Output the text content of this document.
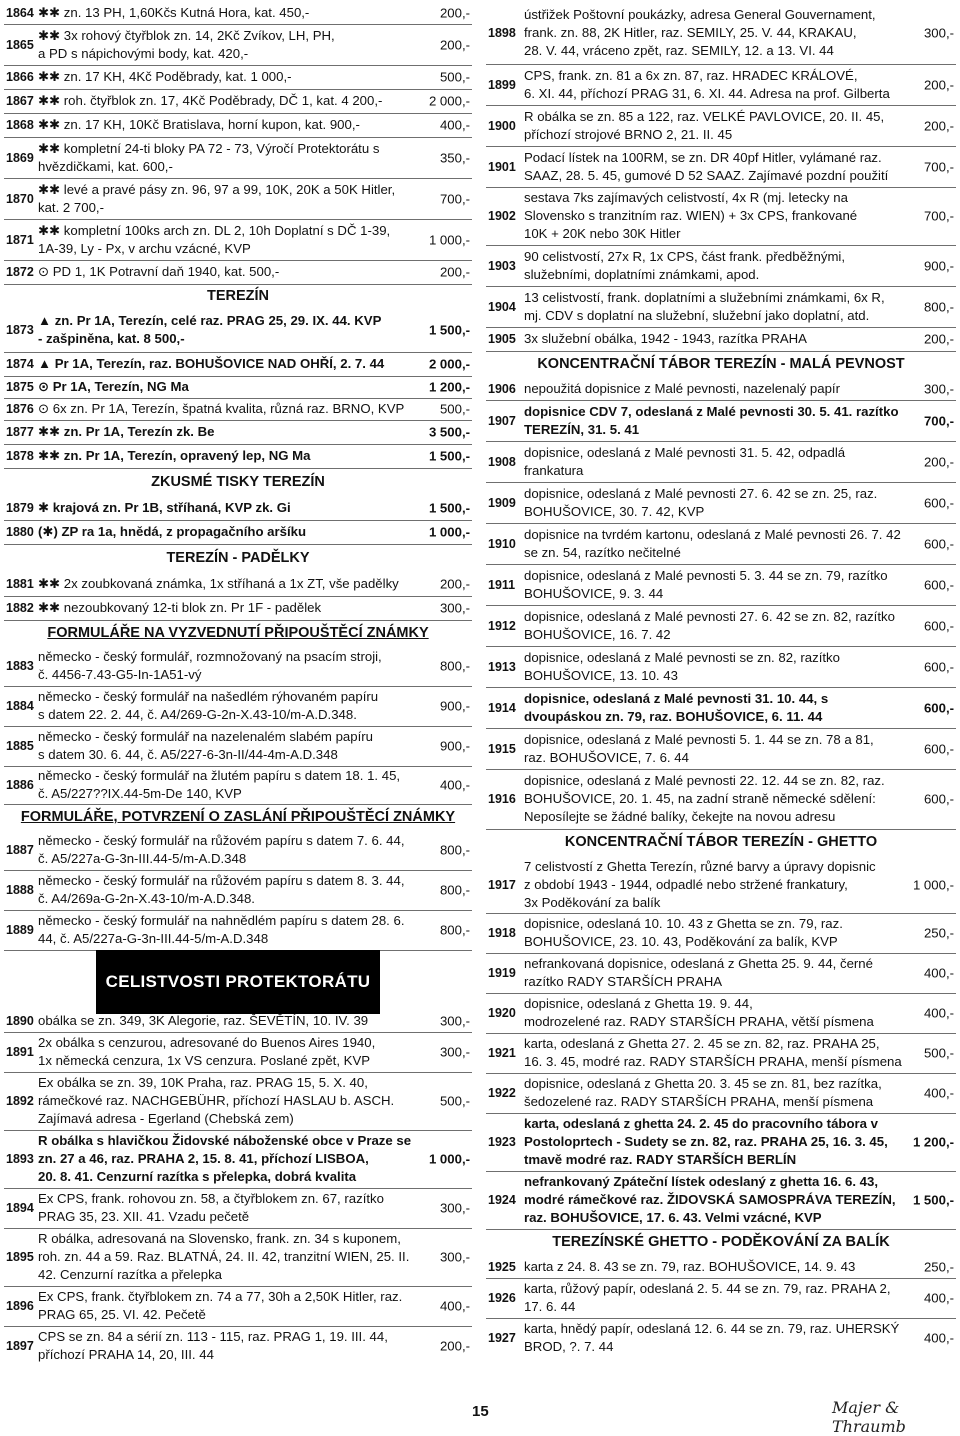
1864 ✱✱ zn. 13 PH, 1,60Kčs Kutná Hora, kat. 450,-	200,-
1865
✱✱ 3x rohový čtyřblok zn. 14, 2Kč Zvíkov, LH, PH,
a PD s nápichovými body, kat. 420,-
200,-
1866 ✱✱ zn. 17 KH, 4Kč Poděbrady, kat. 1 000,-	500,-
1867 ✱✱ roh. čtyřblok zn. 17, 4Kč Poděbrady, DČ 1, kat. 4 200,-	2 000,-
1868 ✱✱ zn. 17 KH, 10Kč Bratislava, horní kupon, kat. 900,-	400,-
1869
✱✱ kompletní 24-ti bloky PA 72 - 73, Výročí Protektorátu s
hvězdičkami, kat. 600,-
350,-
1870
✱✱ levé a pravé pásy zn. 96, 97 a 99, 10K, 20K a 50K Hitler,
kat. 2 700,-
700,-
1871
✱✱ kompletní 100ks arch zn. DL 2, 10h Doplatní s DČ 1-39,
1A-39, Ly - Px, v archu vzácné, KVP
1 000,-
1872 ⊙ PD 1, 1K Potravní daň 1940, kat. 500,-	200,-
TEREZÍN
1873
▲ zn. Pr 1A, Terezín, celé raz. PRAG 25, 29. IX. 44. KVP
- zašpiněna, kat. 8 500,-
1 500,-
1874 ▲ Pr 1A, Terezín, raz. BOHUŠOVICE NAD OHŘÍ, 2. 7. 44	2 000,-
1875 ⊙ Pr 1A, Terezín, NG Ma	1 200,-
1876 ⊙ 6x zn. Pr 1A, Terezín, špatná kvalita, různá raz. BRNO, KVP	500,-
1877 ✱✱ zn. Pr 1A, Terezín zk. Be	3 500,-
1878 ✱✱ zn. Pr 1A, Terezín, opravený lep, NG Ma	1 500,-
ZKUSMÉ TISKY TEREZÍN
1879 ✱ krajová zn. Pr 1B, stříhaná, KVP zk. Gi	1 500,-
1880 (✱) ZP ra 1a, hnědá, z propagačního aršíku	1 000,-
TEREZÍN - PADĚLKY
1881 ✱✱ 2x zoubkovaná známka, 1x stříhaná a 1x ZT, vše padělky	200,-
1882 ✱✱ nezoubkovaný 12-ti blok zn. Pr 1F - padělek	300,-
FORMULÁŘE NA VYZVEDNUTÍ PŘIPOUŠTĚCÍ ZNÁMKY
1883
německo - český formulář, rozmnožovaný na psacím stroji,
č. 4456-7.43-G5-In-1A51-vý
800,-
1884
německo - český formulář na našedlém rýhovaném papíru
s datem 22. 2. 44, č. A4/269-G-2n-X.43-10/m-A.D.348.
900,-
1885
německo - český formulář na nazelenalém slabém papíru
s datem 30. 6. 44, č. A5/227-6-3n-II/44-4m-A.D.348
900,-
1886
německo - český formulář na žlutém papíru s datem 18. 1. 45,
č. A5/227??IX.44-5m-De 140, KVP
400,-
FORMULÁŘE, POTVRZENÍ O ZASLÁNÍ PŘIPOUŠTĚCÍ ZNÁMKY
1887
německo - český formulář na růžovém papíru s datem 7. 6. 44,
č. A5/227a-G-3n-III.44-5/m-A.D.348
800,-
1888
německo - český formulář na růžovém papíru s datem 8. 3. 44,
č. A4/269a-G-2n-X.43-10/m-A.D.348.
800,-
1889
německo - český formulář na nahnědlém papíru s datem 28. 6.
44, č. A5/227a-G-3n-III.44-5/m-A.D.348
800,-
CELISTVOSTI PROTEKTORÁTU
1890 obálka se zn. 349, 3K Alegorie, raz. ŠEVĚTÍN, 10. IV. 39	300,-
1891
2x obálka s cenzurou, adresované do Buenos Aires 1940,
1x německá cenzura, 1x VS cenzura. Poslané zpět, KVP
300,-
1892
Ex obálka se zn. 39, 10K Praha, raz. PRAG 15, 5. X. 40,
rámečkové raz. NACHGEBÜHR, příchozí HASLAU b. ASCH.
Zajímavá adresa - Egerland (Chebská zem)
500,-
1893
R obálka s hlavičkou Židovské náboženské obce v Praze se
zn. 27 a 46, raz. PRAHA 2, 15. 8. 41, příchozí LISBOA,
20. 8. 41. Cenzurní razítka s přelepka, dobrá kvalita
1 000,-
1894
Ex CPS, frank. rohovou zn. 58, a čtyřblokem zn. 67, razítko
PRAG 35, 23. XII. 41. Vzadu pečetě
300,-
1895
R obálka, adresovaná na Slovensko, frank. zn. 34 s kuponem,
roh. zn. 44 a 59. Raz. BLATNÁ, 24. II. 42, tranzitní WIEN, 25. II.
42. Cenzurní razítka a přelepka
300,-
1896
Ex CPS, frank. čtyřblokem zn. 74 a 77, 30h a 2,50K Hitler, raz.
PRAG 65, 25. VI. 42. Pečetě
400,-
1897
CPS se zn. 84 a sérií zn. 113 - 115, raz. PRAG 1, 19. III. 44,
příchozí PRAHA 14, 20, III. 44
200,-
1898
ústřižek Poštovní poukázky, adresa General Gouvernament,
frank. zn. 88, 2K Hitler, raz. SEMILY, 25. V. 44, KRAKAU,
28. V. 44, vráceno zpět, raz. SEMILY, 12. a 13. VI. 44
300,-
1899
CPS, frank. zn. 81 a 6x zn. 87, raz. HRADEC KRÁLOVÉ,
6. XI. 44, příchozí PRAG 31, 6. XI. 44. Adresa na prof. Gilberta
200,-
1900
R obálka se zn. 85 a 122, raz. VELKÉ PAVLOVICE, 20. II. 45,
příchozí strojové BRNO 2, 21. II. 45
200,-
1901
Podací lístek na 100RM, se zn. DR 40pf Hitler, vylámané raz.
SAAZ, 28. 5. 45, gumové D 52 SAAZ. Zajímavé pozdní použití
700,-
1902
sestava 7ks zajímavých celistvostí, 4x R (mj. letecky na
Slovensko s tranzitním raz. WIEN) + 3x CPS, frankované
10K + 20K nebo 30K Hitler
700,-
1903
90 celistvostí, 27x R, 1x CPS, část frank. předběžnými,
služebními, doplatními známkami, apod.
900,-
1904
13 celistvostí, frank. doplatními a služebními známkami, 6x R,
mj. CDV s doplatní na služební, služební jako doplatní, atd.
800,-
1905 3x služební obálka, 1942 - 1943, razítka PRAHA	200,-
KONCENTRAČNÍ TÁBOR TEREZÍN - MALÁ PEVNOST
1906 nepoužitá dopisnice z Malé pevnosti, nazelenalý papír	300,-
1907
dopisnice CDV 7, odeslaná z Malé pevnosti 30. 5. 41. razítko
TEREZÍN, 31. 5. 41
700,-
1908
dopisnice, odeslaná z Malé pevnosti 31. 5. 42, odpadlá
frankatura
200,-
1909
dopisnice, odeslaná z Malé pevnosti 27. 6. 42 se zn. 25, raz.
BOHUŠOVICE, 30. 7. 42, KVP
600,-
1910
dopisnice na tvrdém kartonu, odeslaná z Malé pevnosti 26. 7. 42
se zn. 54, razítko nečitelné
600,-
1911
dopisnice, odeslaná z Malé pevnosti 5. 3. 44 se zn. 79, razítko
BOHUŠOVICE, 9. 3. 44
600,-
1912
dopisnice, odeslaná z Malé pevnosti 27. 6. 42 se zn. 82, razítko
BOHUŠOVICE, 16. 7. 42
600,-
1913
dopisnice, odeslaná z Malé pevnosti se zn. 82, razítko
BOHUŠOVICE, 13. 10. 43
600,-
1914
dopisnice, odeslaná z Malé pevnosti 31. 10. 44, s
dvoupáskou zn. 79, raz. BOHUŠOVICE, 6. 11. 44
600,-
1915
dopisnice, odeslaná z Malé pevnosti 5. 1. 44 se zn. 78 a 81,
raz. BOHUŠOVICE, 7. 6. 44
600,-
1916
dopisnice, odeslaná z Malé pevnosti 22. 12. 44 se zn. 82, raz.
BOHUŠOVICE, 20. 1. 45, na zadní straně německé sdělení:
Neposílejte se žádné balíky, čekejte na novou adresu
600,-
KONCENTRAČNÍ TÁBOR TEREZÍN - GHETTO
1917
7 celistvostí z Ghetta Terezín, různé barvy a úpravy dopisnic
z období 1943 - 1944, odpadlé nebo stržené frankatury,
3x Poděkování za balík
1 000,-
1918
dopisnice, odeslaná 10. 10. 43 z Ghetta se zn. 79, raz.
BOHUŠOVICE, 23. 10. 43, Poděkování za balík, KVP
250,-
1919
nefrankovaná dopisnice, odeslaná z Ghetta 25. 9. 44, černé
razítko RADY STARŠÍCH PRAHA
400,-
1920
dopisnice, odeslaná z Ghetta 19. 9. 44,
modrozelené raz. RADY STARŠÍCH PRAHA, větší písmena
400,-
1921
karta, odeslaná z Ghetta 27. 2. 45 se zn. 82, raz. PRAHA 25,
16. 3. 45, modré raz. RADY STARŠÍCH PRAHA, menší písmena
500,-
1922
dopisnice, odeslaná z Ghetta 20. 3. 45 se zn. 81, bez razítka,
šedozelené raz. RADY STARŠÍCH PRAHA, menší písmena
400,-
1923
karta, odeslaná z ghetta 24. 2. 45 do pracovního tábora v
Postoloprtech - Sudety se zn. 82, raz. PRAHA 25, 16. 3. 45,
tmavě modré raz. RADY STARŠÍCH BERLÍN
1 200,-
1924
nefrankovaný Zpáteční lístek odeslaný z ghetta 16. 6. 43,
modré rámečkové raz. ŽIDOVSKÁ SAMOSPRÁVA TEREZÍN,
raz. BOHUŠOVICE, 17. 6. 43. Velmi vzácné, KVP
1 500,-
TEREZÍNSKÉ GHETTO - PODĚKOVÁNÍ ZA BALÍK
1925 karta z 24. 8. 43 se zn. 79, raz. BOHUŠOVICE, 14. 9. 43	250,-
1926
karta, růžový papír, odeslaná 2. 5. 44 se zn. 79, raz. PRAHA 2,
17. 6. 44
400,-
1927
karta, hnědý papír, odeslaná 12. 6. 44 se zn. 79, raz. UHERSKÝ
BROD, ?. 7. 44
400,-
15	Majer & Thraumb
